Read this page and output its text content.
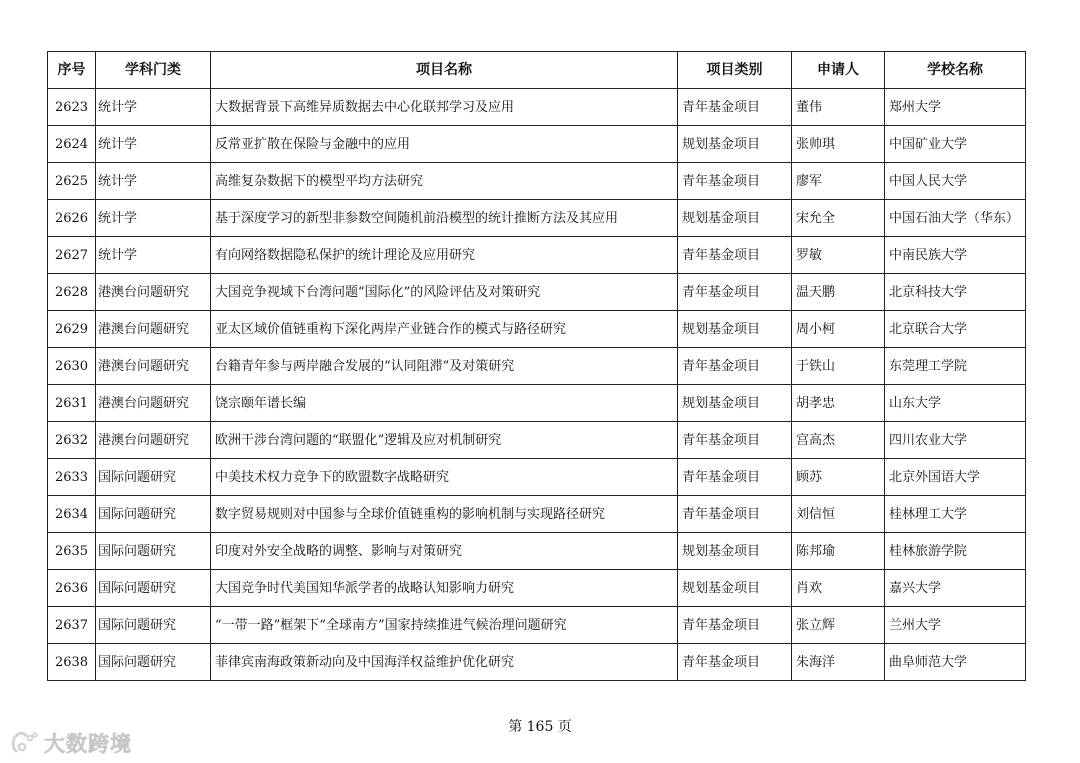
序号	学科门类	项目名称	项目类别	申请人	学校名称
2623	统计学	大数据背景下高维异质数据去中心化联邦学习及应用	青年基金项目	董伟	郑州大学
2624	统计学	反常亚扩散在保险与金融中的应用	规划基金项目	张帅琪	中国矿业大学
2625	统计学	高维复杂数据下的模型平均方法研究	青年基金项目	廖军	中国人民大学
2626	统计学	基于深度学习的新型非参数空间随机前沿模型的统计推断方法及其应用	规划基金项目	宋允全	中国石油大学（华东）
2627	统计学	有向网络数据隐私保护的统计理论及应用研究	青年基金项目	罗敏	中南民族大学
2628	港澳台问题研究	大国竞争视域下台湾问题“国际化”的风险评估及对策研究	青年基金项目	温天鹏	北京科技大学
2629	港澳台问题研究	亚太区域价值链重构下深化两岸产业链合作的模式与路径研究	规划基金项目	周小柯	北京联合大学
2630	港澳台问题研究	台籍青年参与两岸融合发展的“认同阻滞”及对策研究	青年基金项目	于铁山	东莞理工学院
2631	港澳台问题研究	饶宗颐年谱长编	规划基金项目	胡孝忠	山东大学
2632	港澳台问题研究	欧洲干涉台湾问题的“联盟化”逻辑及应对机制研究	青年基金项目	宫高杰	四川农业大学
2633	国际问题研究	中美技术权力竞争下的欧盟数字战略研究	青年基金项目	顾苏	北京外国语大学
2634	国际问题研究	数字贸易规则对中国参与全球价值链重构的影响机制与实现路径研究	青年基金项目	刘信恒	桂林理工大学
2635	国际问题研究	印度对外安全战略的调整、影响与对策研究	规划基金项目	陈邦瑜	桂林旅游学院
2636	国际问题研究	大国竞争时代美国知华派学者的战略认知影响力研究	规划基金项目	肖欢	嘉兴大学
2637	国际问题研究	“一带一路”框架下“全球南方”国家持续推进气候治理问题研究	青年基金项目	张立辉	兰州大学
2638	国际问题研究	菲律宾南海政策新动向及中国海洋权益维护优化研究	青年基金项目	朱海洋	曲阜师范大学
第 165 页
大数跨境
